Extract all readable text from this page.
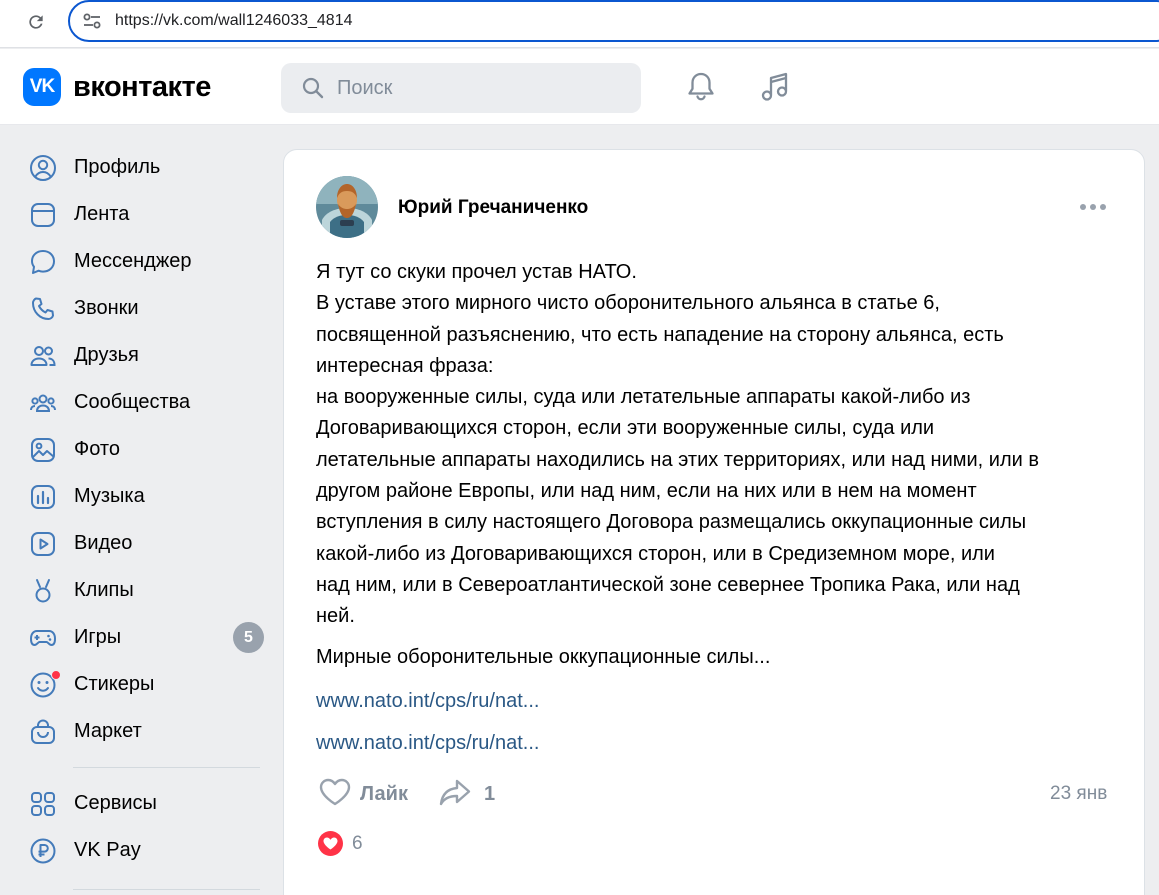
https://vk.com/wall1246033_4814
VK вконтакте
Поиск
Профиль
Лента
Мессенджер
Звонки
Друзья
Сообщества
Фото
Музыка
Видео
Клипы
Игры	5
Стикеры
Маркет
Сервисы
VK Pay
Юрий Гречаниченко
Я тут со скуки прочел устав НАТО.
В уставе этого мирного чисто оборонительного альянса в статье 6,
посвященной разъяснению, что есть нападение на сторону альянса, есть
интересная фраза:
на вооруженные силы, суда или летательные аппараты какой-либо из
Договаривающихся сторон, если эти вооруженные силы, суда или
летательные аппараты находились на этих территориях, или над ними, или в
другом районе Европы, или над ним, если на них или в нем на момент
вступления в силу настоящего Договора размещались оккупационные силы
какой-либо из Договаривающихся сторон, или в Средиземном море, или
над ним, или в Североатлантической зоне севернее Тропика Рака, или над
ней.
Мирные оборонительные оккупационные силы...
www.nato.int/cps/ru/nat...
www.nato.int/cps/ru/nat...
Лайк	1	23 янв
6
